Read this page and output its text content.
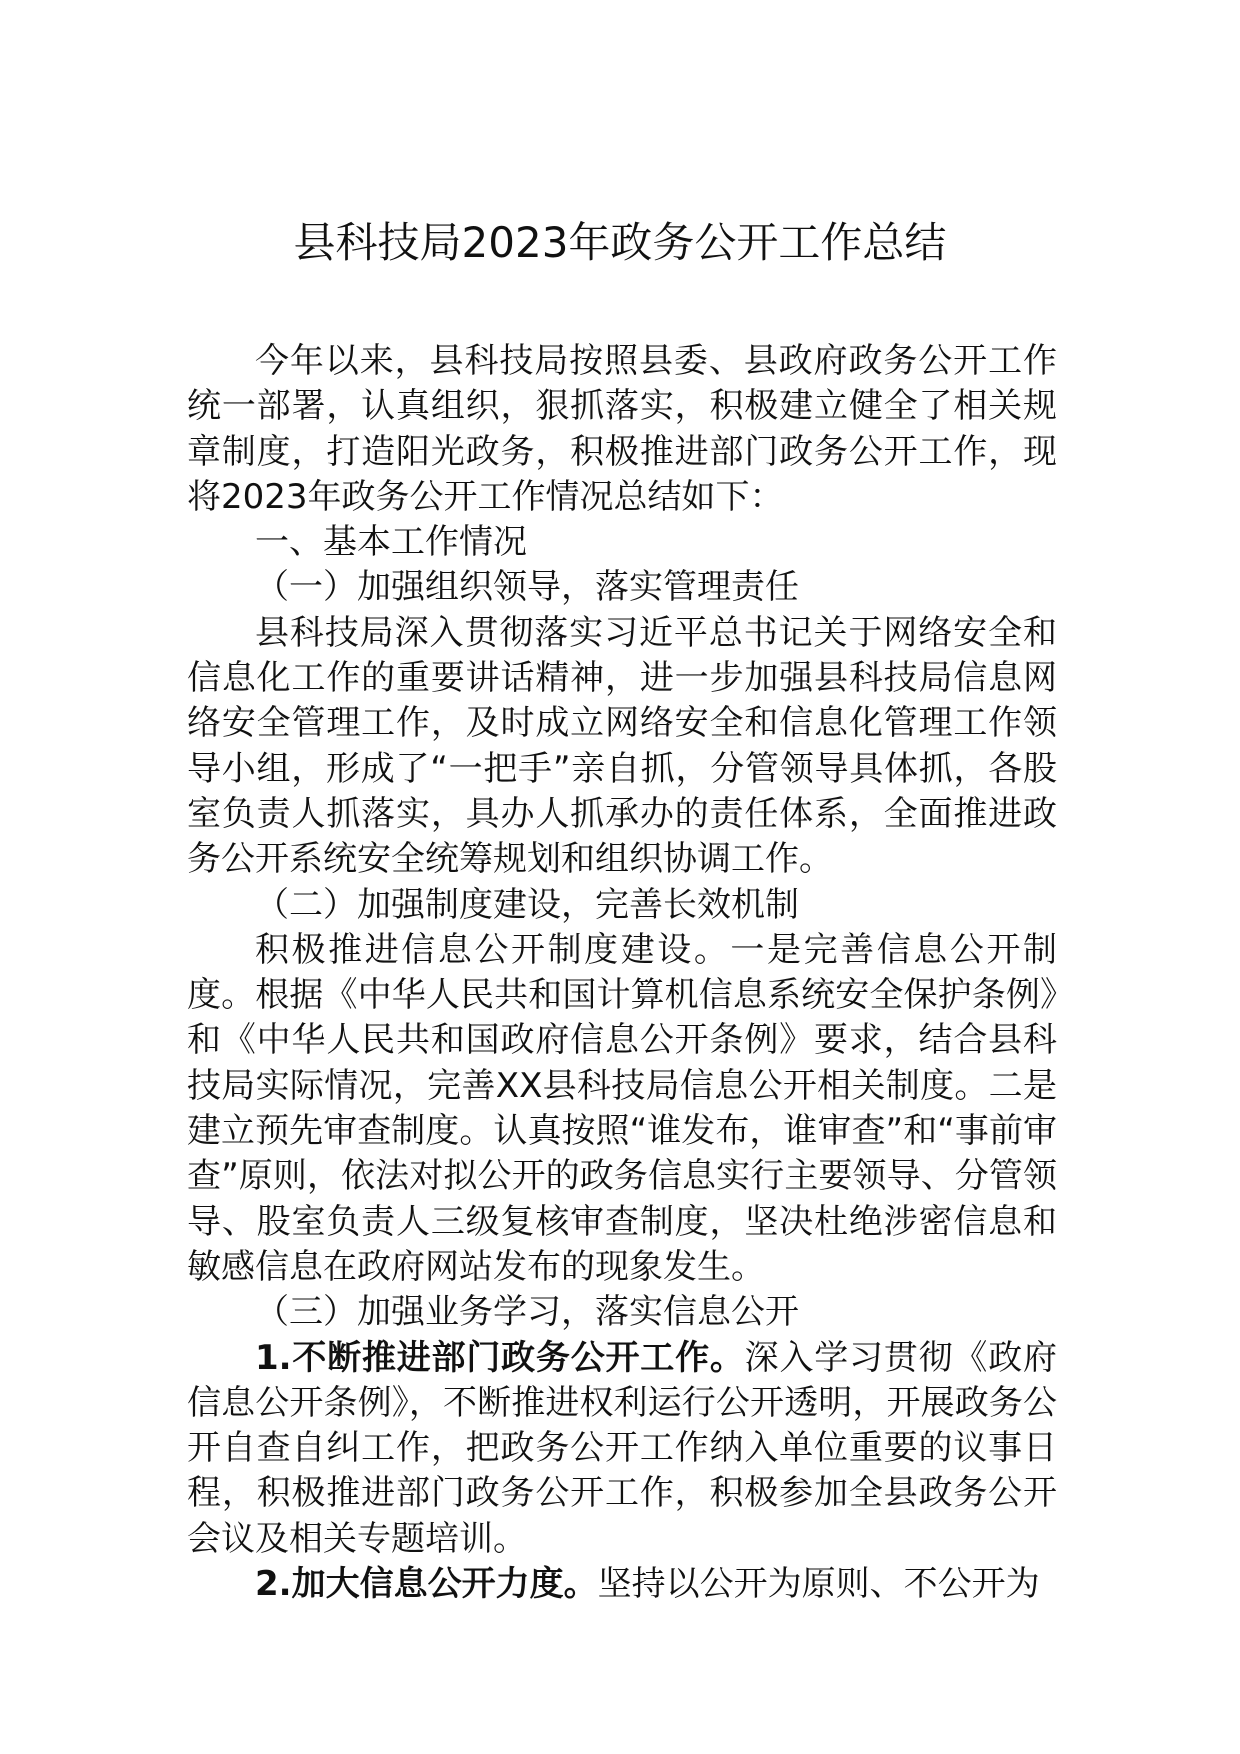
县科技局2023年政务公开工作总结

今年以来，县科技局按照县委、县政府政务公开工作统一部署，认真组织，狠抓落实，积极建立健全了相关规章制度，打造阳光政务，积极推进部门政务公开工作，现将2023年政务公开工作情况总结如下：

一、基本工作情况

（一）加强组织领导，落实管理责任

县科技局深入贯彻落实习近平总书记关于网络安全和信息化工作的重要讲话精神，进一步加强县科技局信息网络安全管理工作，及时成立网络安全和信息化管理工作领导小组，形成了“一把手”亲自抓，分管领导具体抓，各股室负责人抓落实，具办人抓承办的责任体系，全面推进政务公开系统安全统筹规划和组织协调工作。

（二）加强制度建设，完善长效机制

积极推进信息公开制度建设。一是完善信息公开制度。根据《中华人民共和国计算机信息系统安全保护条例》和《中华人民共和国政府信息公开条例》要求，结合县科技局实际情况，完善XX县科技局信息公开相关制度。二是建立预先审查制度。认真按照“谁发布，谁审查”和“事前审查”原则，依法对拟公开的政务信息实行主要领导、分管领导、股室负责人三级复核审查制度，坚决杜绝涉密信息和敏感信息在政府网站发布的现象发生。

（三）加强业务学习，落实信息公开

1.不断推进部门政务公开工作。深入学习贯彻《政府信息公开条例》，不断推进权利运行公开透明，开展政务公开自查自纠工作，把政务公开工作纳入单位重要的议事日程，积极推进部门政务公开工作，积极参加全县政务公开会议及相关专题培训。

2.加大信息公开力度。坚持以公开为原则、不公开为
